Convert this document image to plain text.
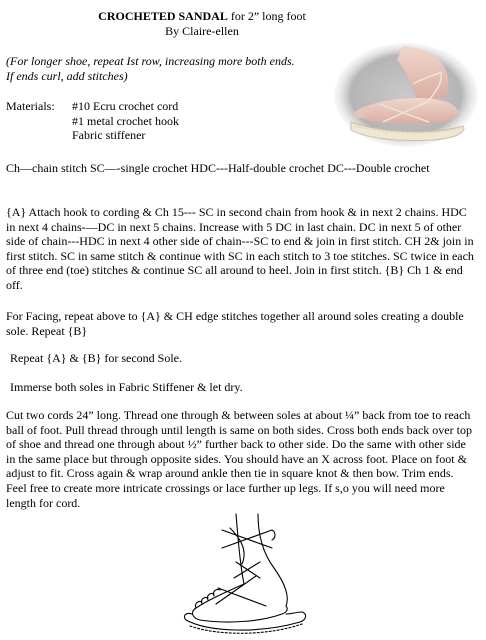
CROCHETED SANDAL for 2” long foot
By Claire-ellen
(For longer shoe, repeat Ist row, increasing more both ends.
If ends curl, add stitches)
Materials:	#10 Ecru crochet cord
#1 metal crochet hook
Fabric stiffener
Ch—chain stitch SC—-single crochet HDC---Half-double crochet DC---Double crochet
{A} Attach hook to cording & Ch 15--- SC in second chain from hook & in next 2 chains. HDC in next 4 chains-—DC in next 5 chains. Increase with 5 DC in last chain. DC in next 5 of other side of chain---HDC in next 4 other side of chain---SC to end & join in first stitch. CH 2& join in first stitch. SC in same stitch & continue with SC in each stitch to 3 toe stitches. SC twice in each of three end (toe) stitches & continue SC all around to heel. Join in first stitch. {B} Ch 1 & end off.
For Facing, repeat above to {A} & CH edge stitches together all around soles creating a double sole. Repeat {B}
Repeat {A} & {B} for second Sole.
Immerse both soles in Fabric Stiffener & let dry.
Cut two cords 24” long. Thread one through & between soles at about ¼” back from toe to reach ball of foot. Pull thread through until length is same on both sides. Cross both ends back over top of shoe and thread one through about ½” further back to other side. Do the same with other side in the same place but through opposite sides. You should have an X across foot. Place on foot & adjust to fit. Cross again & wrap around ankle then tie in square knot & then bow. Trim ends. Feel free to create more intricate crossings or lace further up legs. If s,o you will need more length for cord.
